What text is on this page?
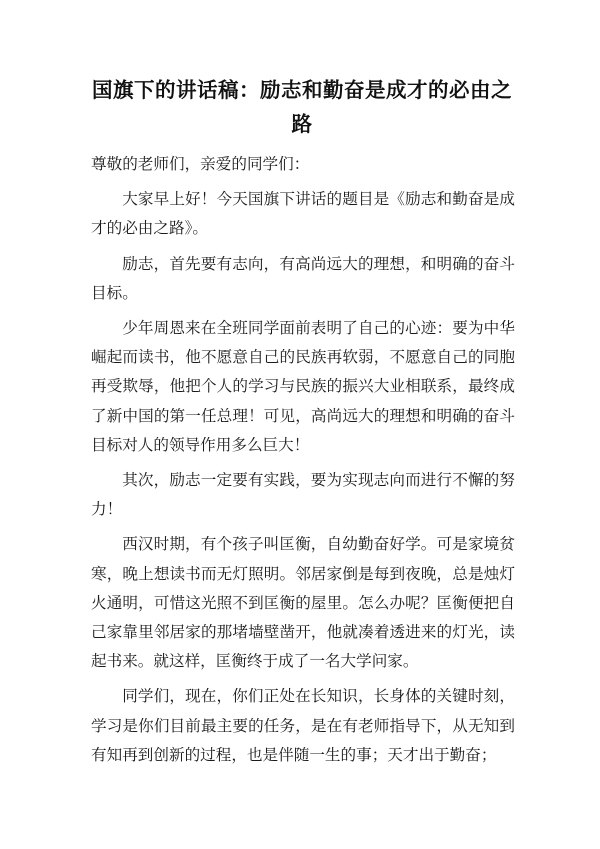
国旗下的讲话稿：励志和勤奋是成才的必由之路

尊敬的老师们，亲爱的同学们：

大家早上好！今天国旗下讲话的题目是《励志和勤奋是成才的必由之路》。

励志，首先要有志向，有高尚远大的理想，和明确的奋斗目标。

少年周恩来在全班同学面前表明了自己的心迹：要为中华崛起而读书，他不愿意自己的民族再软弱，不愿意自己的同胞再受欺辱，他把个人的学习与民族的振兴大业相联系，最终成了新中国的第一任总理！可见，高尚远大的理想和明确的奋斗目标对人的领导作用多么巨大！

其次，励志一定要有实践，要为实现志向而进行不懈的努力！

西汉时期，有个孩子叫匡衡，自幼勤奋好学。可是家境贫寒，晚上想读书而无灯照明。邻居家倒是每到夜晚，总是烛灯火通明，可惜这光照不到匡衡的屋里。怎么办呢？匡衡便把自己家靠里邻居家的那堵墙壁凿开，他就凑着透进来的灯光，读起书来。就这样，匡衡终于成了一名大学问家。

同学们，现在，你们正处在长知识，长身体的关键时刻，学习是你们目前最主要的任务，是在有老师指导下，从无知到有知再到创新的过程，也是伴随一生的事；天才出于勤奋；
